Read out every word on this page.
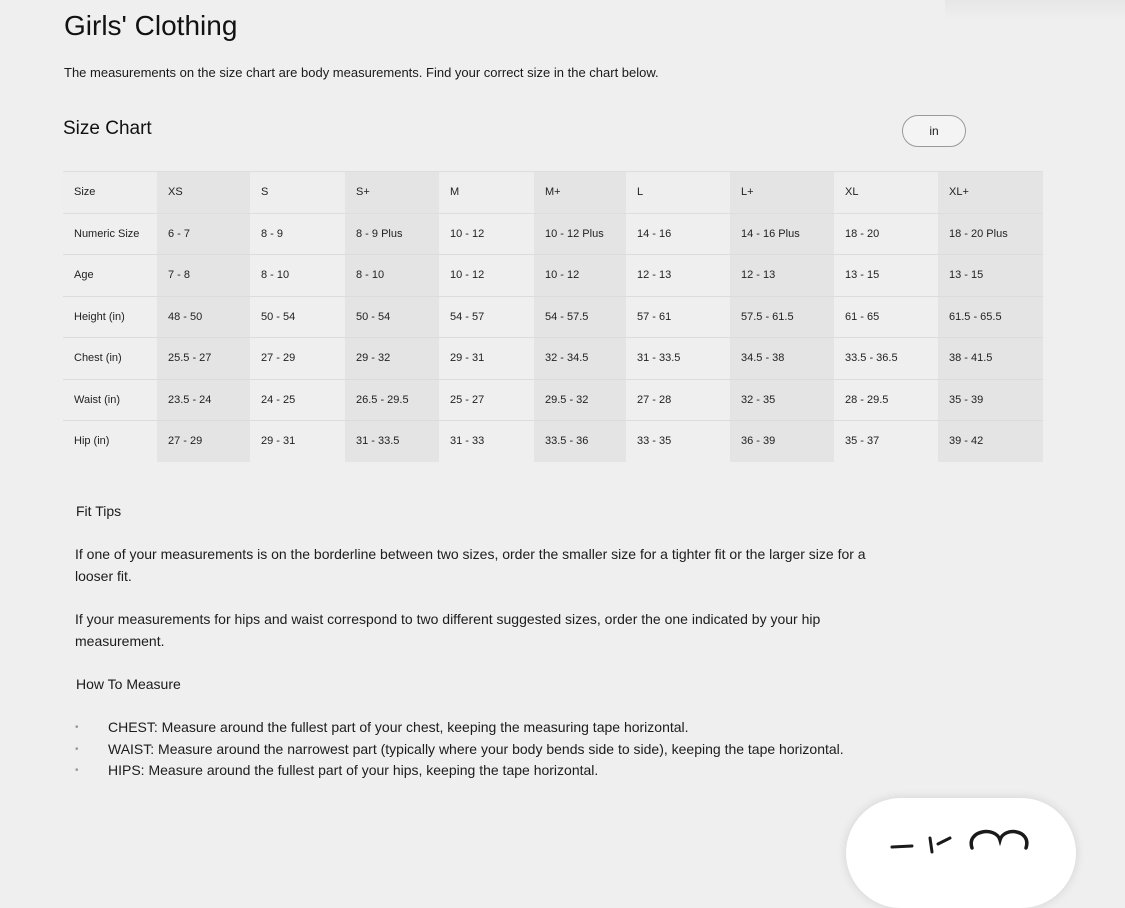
Girls' Clothing

The measurements on the size chart are body measurements. Find your correct size in the chart below.

Size Chart	in
Size	XS	S	S+	M	M+	L	L+	XL	XL+
Numeric Size	6 - 7	8 - 9	8 - 9 Plus	10 - 12	10 - 12 Plus	14 - 16	14 - 16 Plus	18 - 20	18 - 20 Plus
Age	7 - 8	8 - 10	8 - 10	10 - 12	10 - 12	12 - 13	12 - 13	13 - 15	13 - 15
Height (in)	48 - 50	50 - 54	50 - 54	54 - 57	54 - 57.5	57 - 61	57.5 - 61.5	61 - 65	61.5 - 65.5
Chest (in)	25.5 - 27	27 - 29	29 - 32	29 - 31	32 - 34.5	31 - 33.5	34.5 - 38	33.5 - 36.5	38 - 41.5
Waist (in)	23.5 - 24	24 - 25	26.5 - 29.5	25 - 27	29.5 - 32	27 - 28	32 - 35	28 - 29.5	35 - 39
Hip (in)	27 - 29	29 - 31	31 - 33.5	31 - 33	33.5 - 36	33 - 35	36 - 39	35 - 37	39 - 42
Fit Tips

If one of your measurements is on the borderline between two sizes, order the smaller size for a tighter fit or the larger size for a looser fit.

If your measurements for hips and waist correspond to two different suggested sizes, order the one indicated by your hip measurement.

How To Measure
• CHEST: Measure around the fullest part of your chest, keeping the measuring tape horizontal.
• WAIST: Measure around the narrowest part (typically where your body bends side to side), keeping the tape horizontal.
• HIPS: Measure around the fullest part of your hips, keeping the tape horizontal.
